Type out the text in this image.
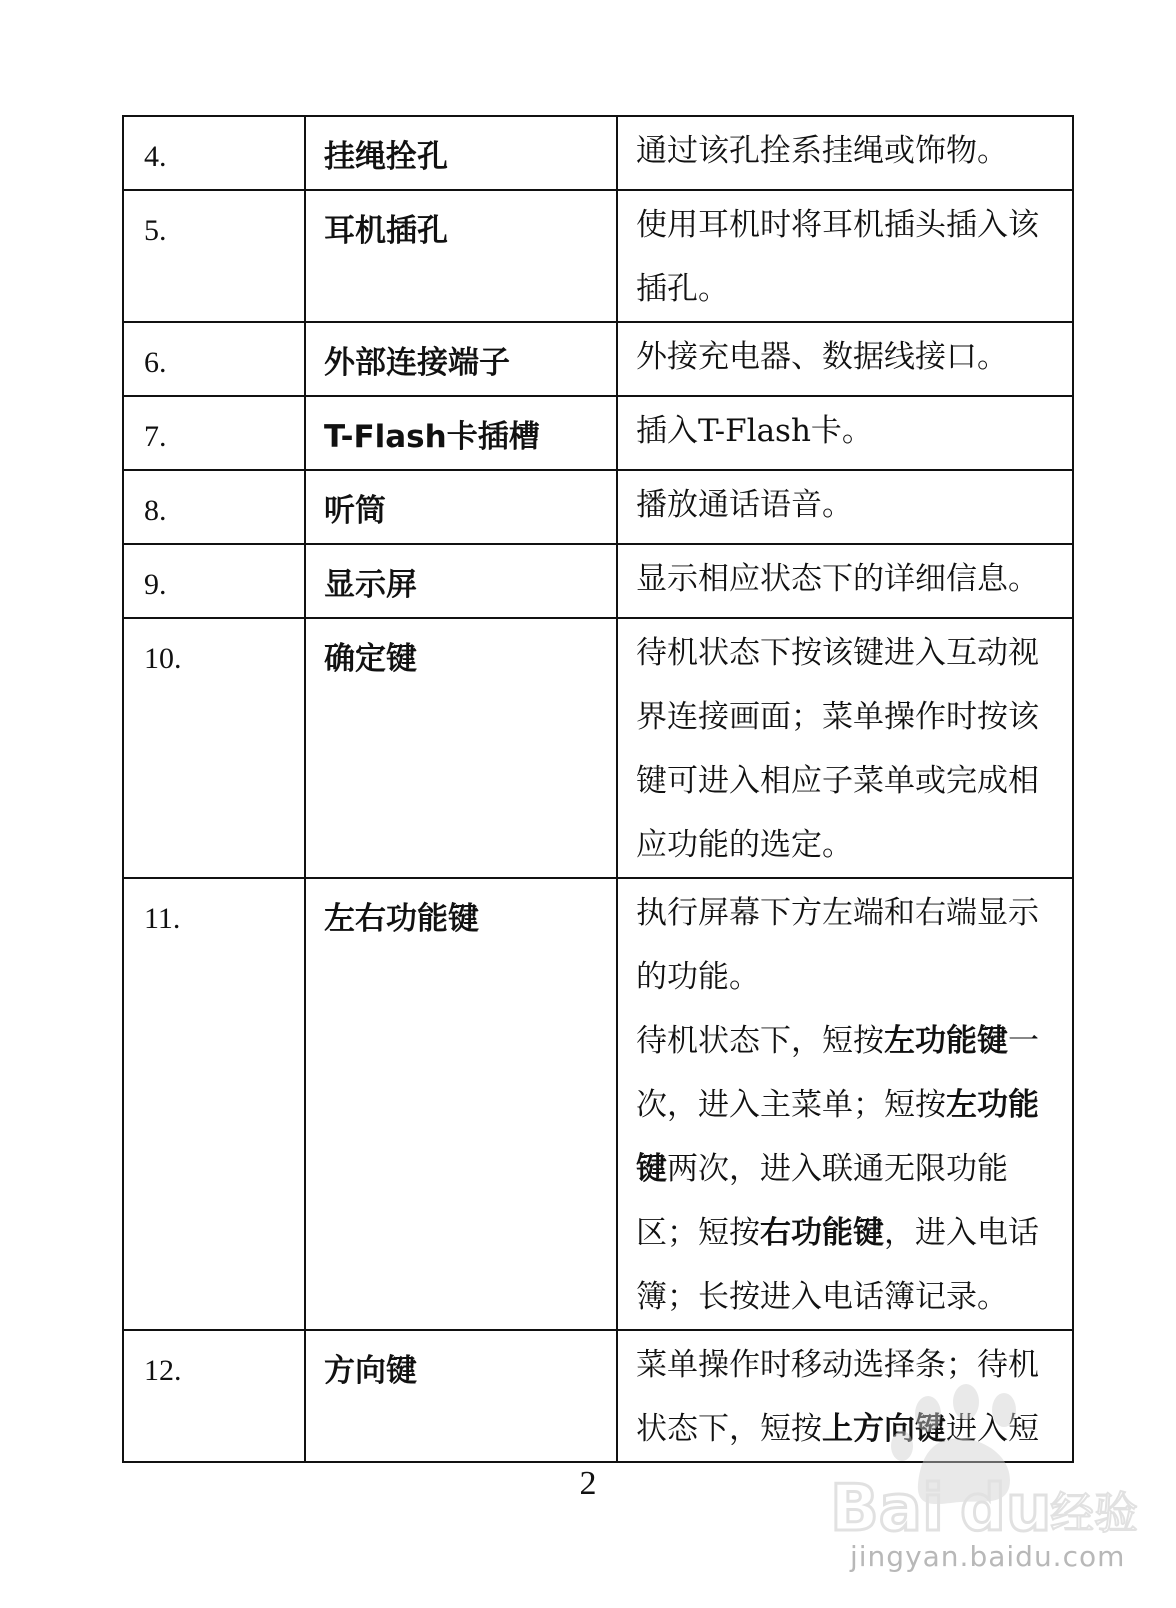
4.	挂绳拴孔	通过该孔拴系挂绳或饰物。
5.	耳机插孔	使用耳机时将耳机插头插入该插孔。
6.	外部连接端子	外接充电器、数据线接口。
7.	T-Flash卡插槽	插入T-Flash卡。
8.	听筒	播放通话语音。
9.	显示屏	显示相应状态下的详细信息。
10.	确定键	待机状态下按该键进入互动视界连接画面；菜单操作时按该键可进入相应子菜单或完成相应功能的选定。
11.	左右功能键	执行屏幕下方左端和右端显示的功能。

待机状态下，短按左功能键一次，进入主菜单；短按左功能键两次，进入联通无限功能区；短按右功能键，进入电话簿；长按进入电话簿记录。
12.	方向键	菜单操作时移动选择条；待机状态下，短按上方向键进入短
2	Bai du
经验
jingyan.baidu.com
